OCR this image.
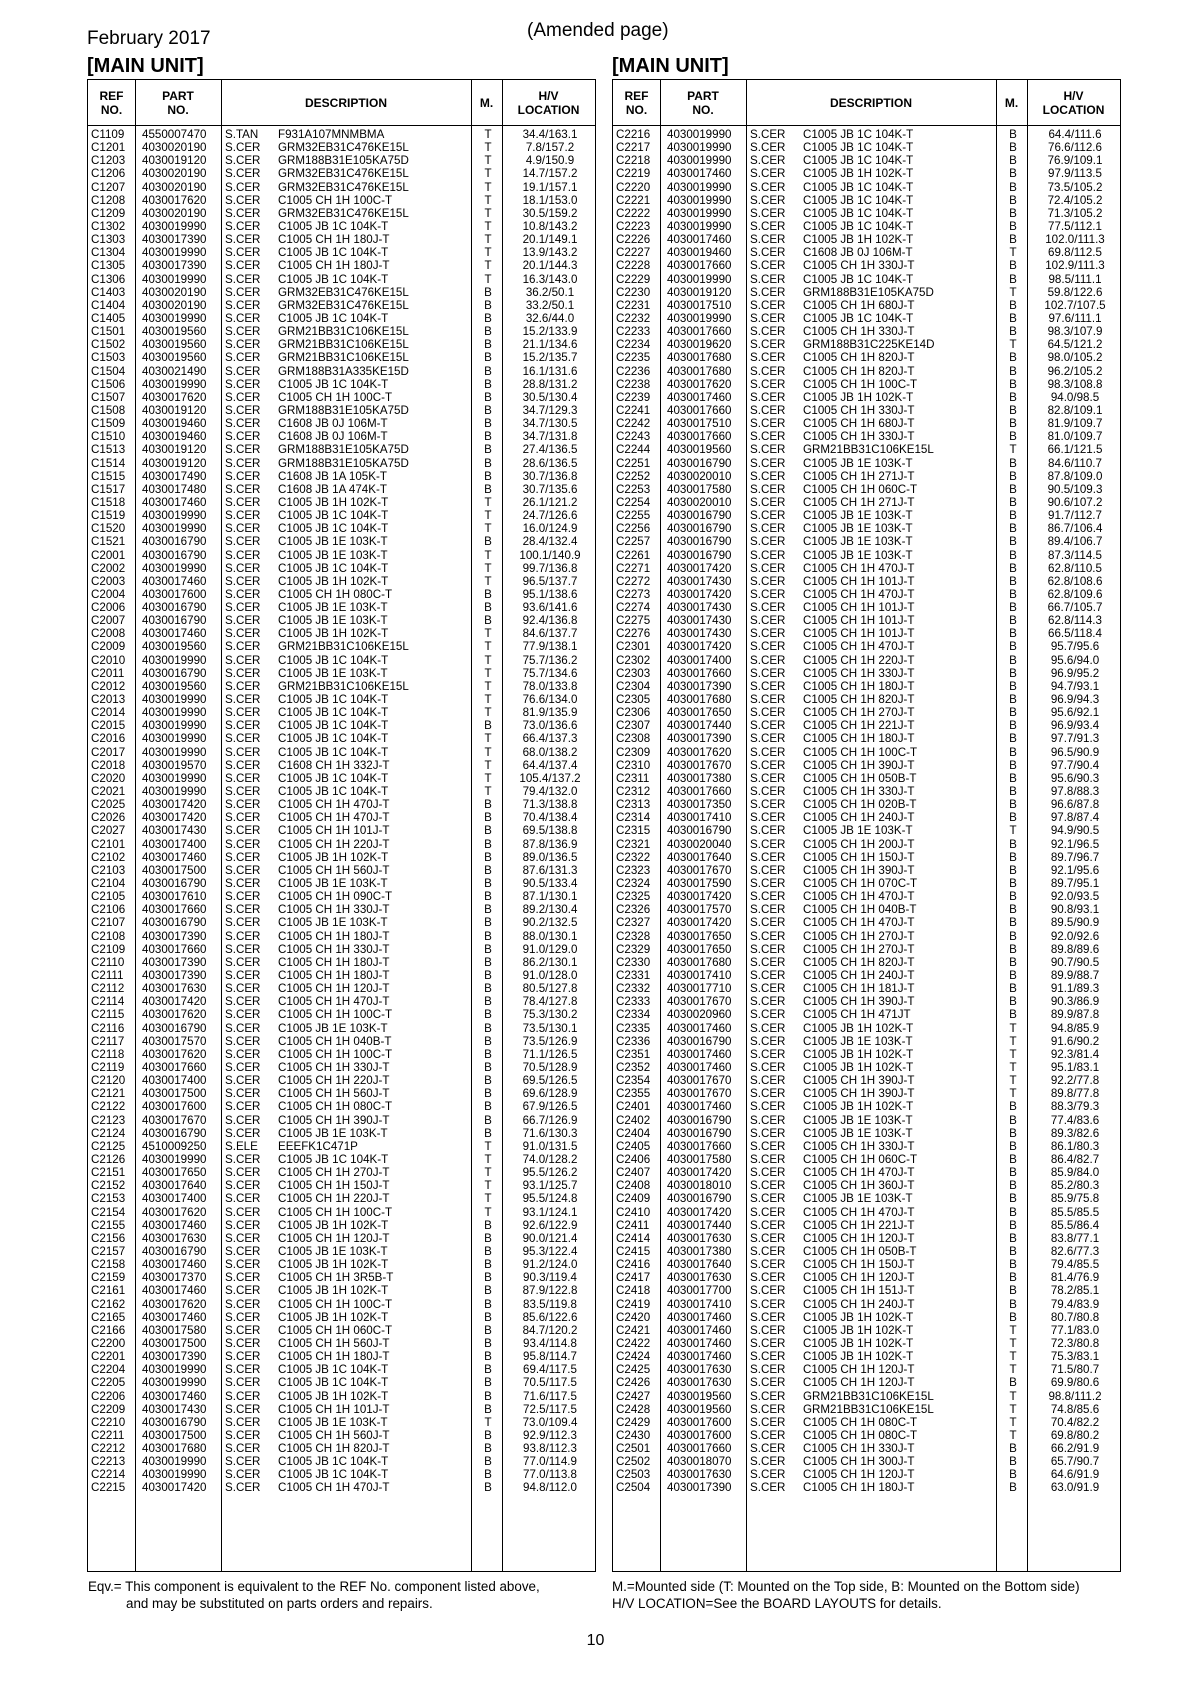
February 2017	(Amended page)
[MAIN UNIT]	[MAIN UNIT]
REF
NO.
PART
NO.	DESCRIPTION	M.	H/V
LOCATION
C1109 4550007470 S.TAN F931A107MNMBMA	T	34.4/163.1
C1201 4030020190 S.CER GRM32EB31C476KE15L	T	7.8/157.2
C1203 4030019120 S.CER GRM188B31E105KA75D	T	4.9/150.9
C1206 4030020190 S.CER GRM32EB31C476KE15L	T	14.7/157.2
C1207 4030020190 S.CER GRM32EB31C476KE15L	T	19.1/157.1
C1208 4030017620 S.CER C1005 CH 1H 100C-T	T	18.1/153.0
C1209 4030020190 S.CER GRM32EB31C476KE15L	T	30.5/159.2
C1302 4030019990 S.CER C1005 JB 1C 104K-T	T	10.8/143.2
C1303 4030017390 S.CER C1005 CH 1H 180J-T	T	20.1/149.1
C1304 4030019990 S.CER C1005 JB 1C 104K-T	T	13.9/143.2
C1305 4030017390 S.CER C1005 CH 1H 180J-T	T	20.1/144.3
C1306 4030019990 S.CER C1005 JB 1C 104K-T	T	16.3/143.0
C1403 4030020190 S.CER GRM32EB31C476KE15L	B	36.2/50.1
C1404 4030020190 S.CER GRM32EB31C476KE15L	B	33.2/50.1
C1405 4030019990 S.CER C1005 JB 1C 104K-T	B	32.6/44.0
C1501 4030019560 S.CER GRM21BB31C106KE15L	B	15.2/133.9
C1502 4030019560 S.CER GRM21BB31C106KE15L	B	21.1/134.6
C1503 4030019560 S.CER GRM21BB31C106KE15L	B	15.2/135.7
C1504 4030021490 S.CER GRM188B31A335KE15D	B	16.1/131.6
C1506 4030019990 S.CER C1005 JB 1C 104K-T	B	28.8/131.2
C1507 4030017620 S.CER C1005 CH 1H 100C-T	B	30.5/130.4
C1508 4030019120 S.CER GRM188B31E105KA75D	B	34.7/129.3
C1509 4030019460 S.CER C1608 JB 0J 106M-T	B	34.7/130.5
C1510 4030019460 S.CER C1608 JB 0J 106M-T	B	34.7/131.8
C1513 4030019120 S.CER GRM188B31E105KA75D	B	27.4/136.5
C1514 4030019120 S.CER GRM188B31E105KA75D	B	28.6/136.5
C1515 4030017490 S.CER C1608 JB 1A 105K-T	B	30.7/136.8
C1517 4030017480 S.CER C1608 JB 1A 474K-T	B	30.7/135.6
C1518 4030017460 S.CER C1005 JB 1H 102K-T	T	26.1/121.2
C1519 4030019990 S.CER C1005 JB 1C 104K-T	T	24.7/126.6
C1520 4030019990 S.CER C1005 JB 1C 104K-T	T	16.0/124.9
C1521 4030016790 S.CER C1005 JB 1E 103K-T	B	28.4/132.4
C2001 4030016790 S.CER C1005 JB 1E 103K-T	T	100.1/140.9
C2002 4030019990 S.CER C1005 JB 1C 104K-T	T	99.7/136.8
C2003 4030017460 S.CER C1005 JB 1H 102K-T	T	96.5/137.7
C2004 4030017600 S.CER C1005 CH 1H 080C-T	B	95.1/138.6
C2006 4030016790 S.CER C1005 JB 1E 103K-T	B	93.6/141.6
C2007 4030016790 S.CER C1005 JB 1E 103K-T	B	92.4/136.8
C2008 4030017460 S.CER C1005 JB 1H 102K-T	T	84.6/137.7
C2009 4030019560 S.CER GRM21BB31C106KE15L	T	77.9/138.1
C2010 4030019990 S.CER C1005 JB 1C 104K-T	T	75.7/136.2
C2011 4030016790 S.CER C1005 JB 1E 103K-T	T	75.7/134.6
C2012 4030019560 S.CER GRM21BB31C106KE15L	T	78.0/133.8
C2013 4030019990 S.CER C1005 JB 1C 104K-T	T	76.6/134.0
C2014 4030019990 S.CER C1005 JB 1C 104K-T	T	81.9/135.9
C2015 4030019990 S.CER C1005 JB 1C 104K-T	B	73.0/136.6
C2016 4030019990 S.CER C1005 JB 1C 104K-T	T	66.4/137.3
C2017 4030019990 S.CER C1005 JB 1C 104K-T	T	68.0/138.2
C2018 4030019570 S.CER C1608 CH 1H 332J-T	T	64.4/137.4
C2020 4030019990 S.CER C1005 JB 1C 104K-T	T	105.4/137.2
C2021 4030019990 S.CER C1005 JB 1C 104K-T	T	79.4/132.0
C2025 4030017420 S.CER C1005 CH 1H 470J-T	B	71.3/138.8
C2026 4030017420 S.CER C1005 CH 1H 470J-T	B	70.4/138.4
C2027 4030017430 S.CER C1005 CH 1H 101J-T	B	69.5/138.8
C2101 4030017400 S.CER C1005 CH 1H 220J-T	B	87.8/136.9
C2102 4030017460 S.CER C1005 JB 1H 102K-T	B	89.0/136.5
C2103 4030017500 S.CER C1005 CH 1H 560J-T	B	87.6/131.3
C2104 4030016790 S.CER C1005 JB 1E 103K-T	B	90.5/133.4
C2105 4030017610 S.CER C1005 CH 1H 090C-T	B	87.1/130.1
C2106 4030017660 S.CER C1005 CH 1H 330J-T	B	89.2/130.4
C2107 4030016790 S.CER C1005 JB 1E 103K-T	B	90.2/132.5
C2108 4030017390 S.CER C1005 CH 1H 180J-T	B	88.0/130.1
C2109 4030017660 S.CER C1005 CH 1H 330J-T	B	91.0/129.0
C2110 4030017390 S.CER C1005 CH 1H 180J-T	B	86.2/130.1
C2111 4030017390 S.CER C1005 CH 1H 180J-T	B	91.0/128.0
C2112 4030017630 S.CER C1005 CH 1H 120J-T	B	80.5/127.8
C2114 4030017420 S.CER C1005 CH 1H 470J-T	B	78.4/127.8
C2115 4030017620 S.CER C1005 CH 1H 100C-T	B	75.3/130.2
C2116 4030016790 S.CER C1005 JB 1E 103K-T	B	73.5/130.1
C2117 4030017570 S.CER C1005 CH 1H 040B-T	B	73.5/126.9
C2118 4030017620 S.CER C1005 CH 1H 100C-T	B	71.1/126.5
C2119 4030017660 S.CER C1005 CH 1H 330J-T	B	70.5/128.9
C2120 4030017400 S.CER C1005 CH 1H 220J-T	B	69.5/126.5
C2121 4030017500 S.CER C1005 CH 1H 560J-T	B	69.6/128.9
C2122 4030017600 S.CER C1005 CH 1H 080C-T	B	67.9/126.5
C2123 4030017670 S.CER C1005 CH 1H 390J-T	B	66.7/126.9
C2124 4030016790 S.CER C1005 JB 1E 103K-T	B	71.6/130.3
C2125 4510009250 S.ELE EEEFK1C471P	T	91.0/131.5
C2126 4030019990 S.CER C1005 JB 1C 104K-T	T	74.0/128.2
C2151 4030017650 S.CER C1005 CH 1H 270J-T	T	95.5/126.2
C2152 4030017640 S.CER C1005 CH 1H 150J-T	T	93.1/125.7
C2153 4030017400 S.CER C1005 CH 1H 220J-T	T	95.5/124.8
C2154 4030017620 S.CER C1005 CH 1H 100C-T	T	93.1/124.1
C2155 4030017460 S.CER C1005 JB 1H 102K-T	B	92.6/122.9
C2156 4030017630 S.CER C1005 CH 1H 120J-T	B	90.0/121.4
C2157 4030016790 S.CER C1005 JB 1E 103K-T	B	95.3/122.4
C2158 4030017460 S.CER C1005 JB 1H 102K-T	B	91.2/124.0
C2159 4030017370 S.CER C1005 CH 1H 3R5B-T	B	90.3/119.4
C2161 4030017460 S.CER C1005 JB 1H 102K-T	B	87.9/122.8
C2162 4030017620 S.CER C1005 CH 1H 100C-T	B	83.5/119.8
C2165 4030017460 S.CER C1005 JB 1H 102K-T	B	85.6/122.6
C2166 4030017580 S.CER C1005 CH 1H 060C-T	B	84.7/120.2
C2200 4030017500 S.CER C1005 CH 1H 560J-T	B	93.4/114.8
C2201 4030017390 S.CER C1005 CH 1H 180J-T	B	95.8/114.7
C2204 4030019990 S.CER C1005 JB 1C 104K-T	B	69.4/117.5
C2205 4030019990 S.CER C1005 JB 1C 104K-T	B	70.5/117.5
C2206 4030017460 S.CER C1005 JB 1H 102K-T	B	71.6/117.5
C2209 4030017430 S.CER C1005 CH 1H 101J-T	B	72.5/117.5
C2210 4030016790 S.CER C1005 JB 1E 103K-T	T	73.0/109.4
C2211 4030017500 S.CER C1005 CH 1H 560J-T	B	92.9/112.3
C2212 4030017680 S.CER C1005 CH 1H 820J-T	B	93.8/112.3
C2213 4030019990 S.CER C1005 JB 1C 104K-T	B	77.0/114.9
C2214 4030019990 S.CER C1005 JB 1C 104K-T	B	77.0/113.8
C2215 4030017420 S.CER C1005 CH 1H 470J-T	B	94.8/112.0
REF
NO.
PART
NO.	DESCRIPTION	M.	H/V
LOCATION
C2216 4030019990 S.CER C1005 JB 1C 104K-T	B	64.4/111.6
C2217 4030019990 S.CER C1005 JB 1C 104K-T	B	76.6/112.6
C2218 4030019990 S.CER C1005 JB 1C 104K-T	B	76.9/109.1
C2219 4030017460 S.CER C1005 JB 1H 102K-T	B	97.9/113.5
C2220 4030019990 S.CER C1005 JB 1C 104K-T	B	73.5/105.2
C2221 4030019990 S.CER C1005 JB 1C 104K-T	B	72.4/105.2
C2222 4030019990 S.CER C1005 JB 1C 104K-T	B	71.3/105.2
C2223 4030019990 S.CER C1005 JB 1C 104K-T	B	77.5/112.1
C2226 4030017460 S.CER C1005 JB 1H 102K-T	B	102.0/111.3
C2227 4030019460 S.CER C1608 JB 0J 106M-T	T	69.8/112.5
C2228 4030017660 S.CER C1005 CH 1H 330J-T	B	102.9/111.3
C2229 4030019990 S.CER C1005 JB 1C 104K-T	B	98.5/111.1
C2230 4030019120 S.CER GRM188B31E105KA75D	T	59.8/122.6
C2231 4030017510 S.CER C1005 CH 1H 680J-T	B	102.7/107.5
C2232 4030019990 S.CER C1005 JB 1C 104K-T	B	97.6/111.1
C2233 4030017660 S.CER C1005 CH 1H 330J-T	B	98.3/107.9
C2234 4030019620 S.CER GRM188B31C225KE14D	T	64.5/121.2
C2235 4030017680 S.CER C1005 CH 1H 820J-T	B	98.0/105.2
C2236 4030017680 S.CER C1005 CH 1H 820J-T	B	96.2/105.2
C2238 4030017620 S.CER C1005 CH 1H 100C-T	B	98.3/108.8
C2239 4030017460 S.CER C1005 JB 1H 102K-T	B	94.0/98.5
C2241 4030017660 S.CER C1005 CH 1H 330J-T	B	82.8/109.1
C2242 4030017510 S.CER C1005 CH 1H 680J-T	B	81.9/109.7
C2243 4030017660 S.CER C1005 CH 1H 330J-T	B	81.0/109.7
C2244 4030019560 S.CER GRM21BB31C106KE15L	T	66.1/121.5
C2251 4030016790 S.CER C1005 JB 1E 103K-T	B	84.6/110.7
C2252 4030020010 S.CER C1005 CH 1H 271J-T	B	87.8/109.0
C2253 4030017580 S.CER C1005 CH 1H 060C-T	B	90.5/109.3
C2254 4030020010 S.CER C1005 CH 1H 271J-T	B	90.6/107.2
C2255 4030016790 S.CER C1005 JB 1E 103K-T	B	91.7/112.7
C2256 4030016790 S.CER C1005 JB 1E 103K-T	B	86.7/106.4
C2257 4030016790 S.CER C1005 JB 1E 103K-T	B	89.4/106.7
C2261 4030016790 S.CER C1005 JB 1E 103K-T	B	87.3/114.5
C2271 4030017420 S.CER C1005 CH 1H 470J-T	B	62.8/110.5
C2272 4030017430 S.CER C1005 CH 1H 101J-T	B	62.8/108.6
C2273 4030017420 S.CER C1005 CH 1H 470J-T	B	62.8/109.6
C2274 4030017430 S.CER C1005 CH 1H 101J-T	B	66.7/105.7
C2275 4030017430 S.CER C1005 CH 1H 101J-T	B	62.8/114.3
C2276 4030017430 S.CER C1005 CH 1H 101J-T	B	66.5/118.4
C2301 4030017420 S.CER C1005 CH 1H 470J-T	B	95.7/95.6
C2302 4030017400 S.CER C1005 CH 1H 220J-T	B	95.6/94.0
C2303 4030017660 S.CER C1005 CH 1H 330J-T	B	96.9/95.2
C2304 4030017390 S.CER C1005 CH 1H 180J-T	B	94.7/93.1
C2305 4030017680 S.CER C1005 CH 1H 820J-T	B	96.9/94.3
C2306 4030017650 S.CER C1005 CH 1H 270J-T	B	95.6/92.1
C2307 4030017440 S.CER C1005 CH 1H 221J-T	B	96.9/93.4
C2308 4030017390 S.CER C1005 CH 1H 180J-T	B	97.7/91.3
C2309 4030017620 S.CER C1005 CH 1H 100C-T	B	96.5/90.9
C2310 4030017670 S.CER C1005 CH 1H 390J-T	B	97.7/90.4
C2311 4030017380 S.CER C1005 CH 1H 050B-T	B	95.6/90.3
C2312 4030017660 S.CER C1005 CH 1H 330J-T	B	97.8/88.3
C2313 4030017350 S.CER C1005 CH 1H 020B-T	B	96.6/87.8
C2314 4030017410 S.CER C1005 CH 1H 240J-T	B	97.8/87.4
C2315 4030016790 S.CER C1005 JB 1E 103K-T	T	94.9/90.5
C2321 4030020040 S.CER C1005 CH 1H 200J-T	B	92.1/96.5
C2322 4030017640 S.CER C1005 CH 1H 150J-T	B	89.7/96.7
C2323 4030017670 S.CER C1005 CH 1H 390J-T	B	92.1/95.6
C2324 4030017590 S.CER C1005 CH 1H 070C-T	B	89.7/95.1
C2325 4030017420 S.CER C1005 CH 1H 470J-T	B	92.0/93.5
C2326 4030017570 S.CER C1005 CH 1H 040B-T	B	90.8/93.1
C2327 4030017420 S.CER C1005 CH 1H 470J-T	B	89.5/90.9
C2328 4030017650 S.CER C1005 CH 1H 270J-T	B	92.0/92.6
C2329 4030017650 S.CER C1005 CH 1H 270J-T	B	89.8/89.6
C2330 4030017680 S.CER C1005 CH 1H 820J-T	B	90.7/90.5
C2331 4030017410 S.CER C1005 CH 1H 240J-T	B	89.9/88.7
C2332 4030017710 S.CER C1005 CH 1H 181J-T	B	91.1/89.3
C2333 4030017670 S.CER C1005 CH 1H 390J-T	B	90.3/86.9
C2334 4030020960 S.CER C1005 CH 1H 471JT	B	89.9/87.8
C2335 4030017460 S.CER C1005 JB 1H 102K-T	T	94.8/85.9
C2336 4030016790 S.CER C1005 JB 1E 103K-T	T	91.6/90.2
C2351 4030017460 S.CER C1005 JB 1H 102K-T	T	92.3/81.4
C2352 4030017460 S.CER C1005 JB 1H 102K-T	T	95.1/83.1
C2354 4030017670 S.CER C1005 CH 1H 390J-T	T	92.2/77.8
C2355 4030017670 S.CER C1005 CH 1H 390J-T	T	89.8/77.8
C2401 4030017460 S.CER C1005 JB 1H 102K-T	B	88.3/79.3
C2402 4030016790 S.CER C1005 JB 1E 103K-T	B	77.4/83.6
C2404 4030016790 S.CER C1005 JB 1E 103K-T	B	89.3/82.6
C2405 4030017660 S.CER C1005 CH 1H 330J-T	B	86.1/80.3
C2406 4030017580 S.CER C1005 CH 1H 060C-T	B	86.4/82.7
C2407 4030017420 S.CER C1005 CH 1H 470J-T	B	85.9/84.0
C2408 4030018010 S.CER C1005 CH 1H 360J-T	B	85.2/80.3
C2409 4030016790 S.CER C1005 JB 1E 103K-T	B	85.9/75.8
C2410 4030017420 S.CER C1005 CH 1H 470J-T	B	85.5/85.5
C2411 4030017440 S.CER C1005 CH 1H 221J-T	B	85.5/86.4
C2414 4030017630 S.CER C1005 CH 1H 120J-T	B	83.8/77.1
C2415 4030017380 S.CER C1005 CH 1H 050B-T	B	82.6/77.3
C2416 4030017640 S.CER C1005 CH 1H 150J-T	B	79.4/85.5
C2417 4030017630 S.CER C1005 CH 1H 120J-T	B	81.4/76.9
C2418 4030017700 S.CER C1005 CH 1H 151J-T	B	78.2/85.1
C2419 4030017410 S.CER C1005 CH 1H 240J-T	B	79.4/83.9
C2420 4030017460 S.CER C1005 JB 1H 102K-T	B	80.7/80.8
C2421 4030017460 S.CER C1005 JB 1H 102K-T	T	77.1/83.0
C2422 4030017460 S.CER C1005 JB 1H 102K-T	T	72.3/80.8
C2424 4030017460 S.CER C1005 JB 1H 102K-T	T	75.3/83.1
C2425 4030017630 S.CER C1005 CH 1H 120J-T	T	71.5/80.7
C2426 4030017630 S.CER C1005 CH 1H 120J-T	B	69.9/80.6
C2427 4030019560 S.CER GRM21BB31C106KE15L	T	98.8/111.2
C2428 4030019560 S.CER GRM21BB31C106KE15L	T	74.8/85.6
C2429 4030017600 S.CER C1005 CH 1H 080C-T	T	70.4/82.2
C2430 4030017600 S.CER C1005 CH 1H 080C-T	T	69.8/80.2
C2501 4030017660 S.CER C1005 CH 1H 330J-T	B	66.2/91.9
C2502 4030018070 S.CER C1005 CH 1H 300J-T	B	65.7/90.7
C2503 4030017630 S.CER C1005 CH 1H 120J-T	B	64.6/91.9
C2504 4030017390 S.CER C1005 CH 1H 180J-T	B	63.0/91.9
Eqv.= This component is equivalent to the REF No. component listed above,
and may be substituted on parts orders and repairs.
M.=Mounted side (T: Mounted on the Top side, B: Mounted on the Bottom side)
H/V LOCATION=See the BOARD LAYOUTS for details.
10
